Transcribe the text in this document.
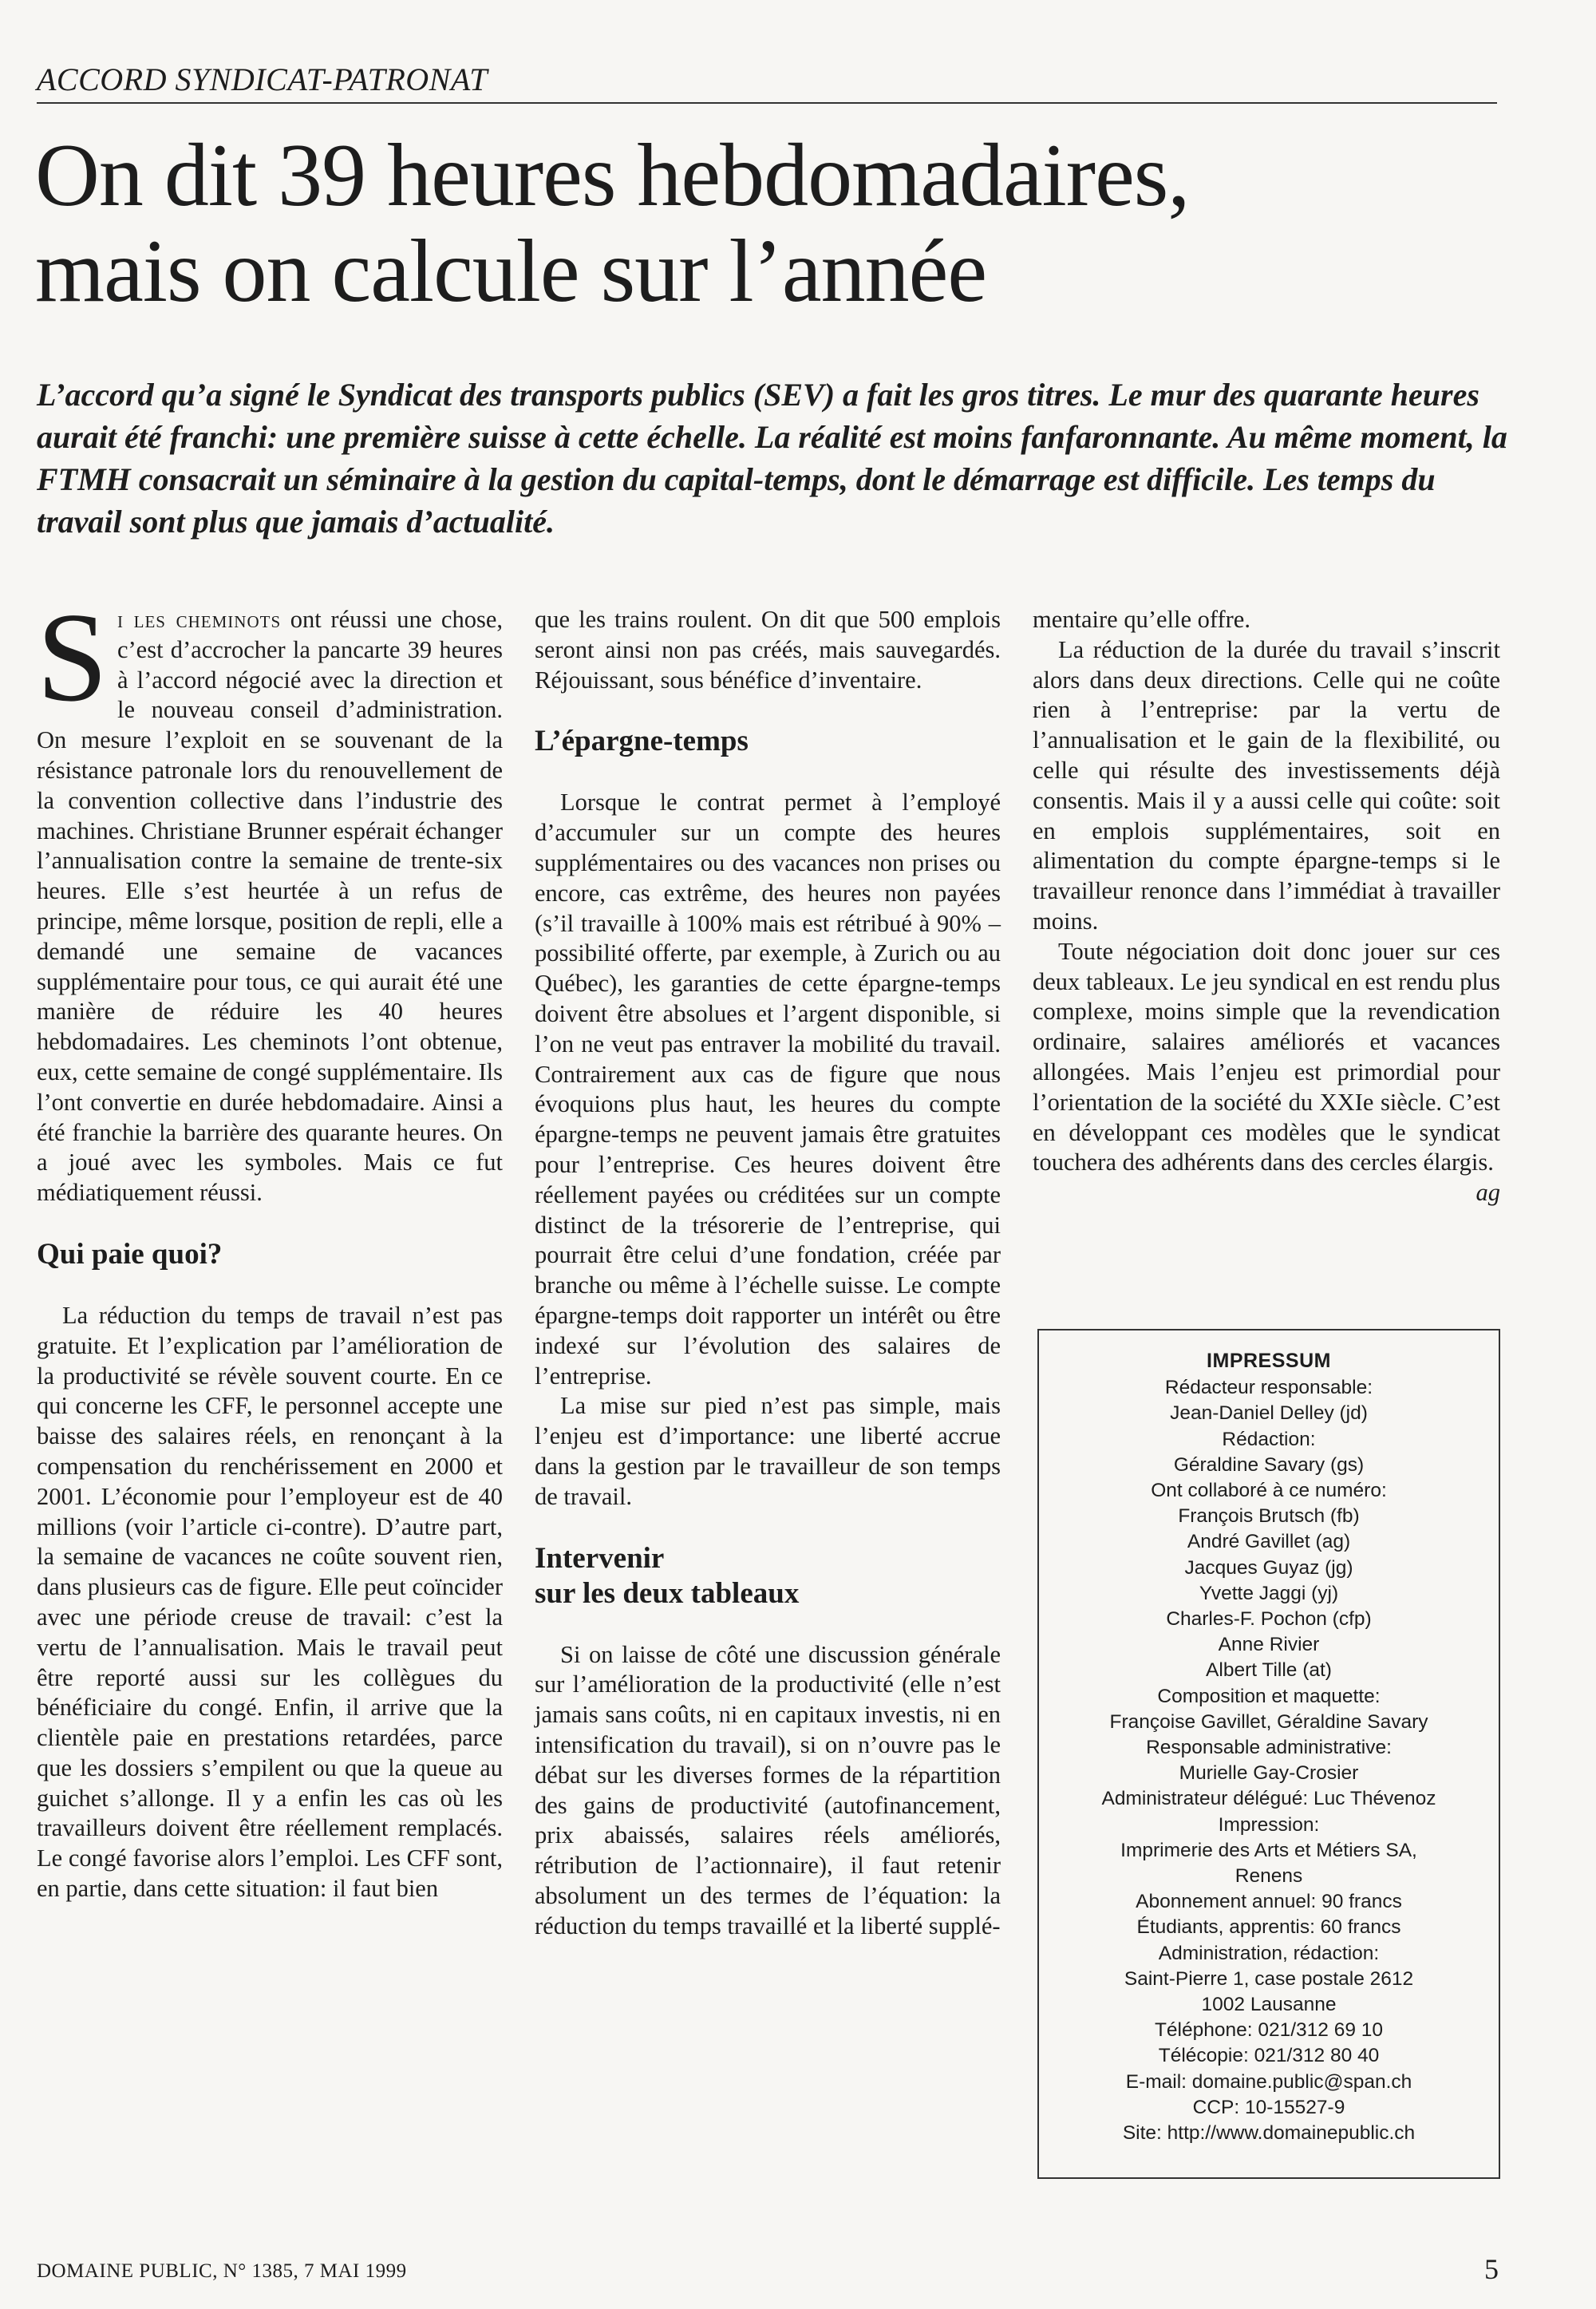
ACCORD SYNDICAT-PATRONAT
On dit 39 heures hebdomadaires,
mais on calcule sur l’année

L’accord qu’a signé le Syndicat des transports publics (SEV) a fait les gros titres. Le mur des quarante heures aurait été franchi: une première suisse à cette échelle. La réalité est moins fanfaronnante. Au même moment, la FTMH consacrait un séminaire à la gestion du capital-temps, dont le démarrage est difficile. Les temps du travail sont plus que jamais d’actualité.

Si les cheminots ont réussi une chose, c’est d’accrocher la pancarte 39 heures à l’accord négocié avec la direction et le nouveau conseil d’administration. On mesure l’exploit en se souvenant de la résistance patronale lors du renouvellement de la convention collective dans l’industrie des machines. Christiane Brunner espérait échanger l’annualisation contre la semaine de trente-six heures. Elle s’est heurtée à un refus de principe, même lorsque, position de repli, elle a demandé une semaine de vacances supplémentaire pour tous, ce qui aurait été une manière de réduire les 40 heures hebdomadaires. Les cheminots l’ont obtenue, eux, cette semaine de congé supplémentaire. Ils l’ont convertie en durée hebdomadaire. Ainsi a été franchie la barrière des quarante heures. On a joué avec les symboles. Mais ce fut médiatiquement réussi.

Qui paie quoi?

La réduction du temps de travail n’est pas gratuite. Et l’explication par l’amélioration de la productivité se révèle souvent courte. En ce qui concerne les CFF, le personnel accepte une baisse des salaires réels, en renonçant à la compensation du renchérissement en 2000 et 2001. L’économie pour l’employeur est de 40 millions (voir l’article ci-contre). D’autre part, la semaine de vacances ne coûte souvent rien, dans plusieurs cas de figure. Elle peut coïncider avec une période creuse de travail: c’est la vertu de l’annualisation. Mais le travail peut être reporté aussi sur les collègues du bénéficiaire du congé. Enfin, il arrive que la clientèle paie en prestations retardées, parce que les dossiers s’empilent ou que la queue au guichet s’allonge. Il y a enfin les cas où les travailleurs doivent être réellement remplacés. Le congé favorise alors l’emploi. Les CFF sont, en partie, dans cette situation: il faut bien

que les trains roulent. On dit que 500 emplois seront ainsi non pas créés, mais sauvegardés. Réjouissant, sous bénéfice d’inventaire.

L’épargne-temps

Lorsque le contrat permet à l’employé d’accumuler sur un compte des heures supplémentaires ou des vacances non prises ou encore, cas extrême, des heures non payées (s’il travaille à 100% mais est rétribué à 90% – possibilité offerte, par exemple, à Zurich ou au Québec), les garanties de cette épargne-temps doivent être absolues et l’argent disponible, si l’on ne veut pas entraver la mobilité du travail. Contrairement aux cas de figure que nous évoquions plus haut, les heures du compte épargne-temps ne peuvent jamais être gratuites pour l’entreprise. Ces heures doivent être réellement payées ou créditées sur un compte distinct de la trésorerie de l’entreprise, qui pourrait être celui d’une fondation, créée par branche ou même à l’échelle suisse. Le compte épargne-temps doit rapporter un intérêt ou être indexé sur l’évolution des salaires de l’entreprise.

La mise sur pied n’est pas simple, mais l’enjeu est d’importance: une liberté accrue dans la gestion par le travailleur de son temps de travail.

Intervenir
sur les deux tableaux

Si on laisse de côté une discussion générale sur l’amélioration de la productivité (elle n’est jamais sans coûts, ni en capitaux investis, ni en intensification du travail), si on n’ouvre pas le débat sur les diverses formes de la répartition des gains de productivité (autofinancement, prix abaissés, salaires réels améliorés, rétribution de l’actionnaire), il faut retenir absolument un des termes de l’équation: la réduction du temps travaillé et la liberté supplé-

mentaire qu’elle offre.

La réduction de la durée du travail s’inscrit alors dans deux directions. Celle qui ne coûte rien à l’entreprise: par la vertu de l’annualisation et le gain de la flexibilité, ou celle qui résulte des investissements déjà consentis. Mais il y a aussi celle qui coûte: soit en emplois supplémentaires, soit en alimentation du compte épargne-temps si le travailleur renonce dans l’immédiat à travailler moins.

Toute négociation doit donc jouer sur ces deux tableaux. Le jeu syndical en est rendu plus complexe, moins simple que la revendication ordinaire, salaires améliorés et vacances allongées. Mais l’enjeu est primordial pour l’orientation de la société du XXIe siècle. C’est en développant ces modèles que le syndicat touchera des adhérents dans des cercles élargis.
ag

IMPRESSUM
Rédacteur responsable:
Jean-Daniel Delley (jd)
Rédaction:
Géraldine Savary (gs)
Ont collaboré à ce numéro:
François Brutsch (fb)
André Gavillet (ag)
Jacques Guyaz (jg)
Yvette Jaggi (yj)
Charles-F. Pochon (cfp)
Anne Rivier
Albert Tille (at)
Composition et maquette:
Françoise Gavillet, Géraldine Savary
Responsable administrative:
Murielle Gay-Crosier
Administrateur délégué: Luc Thévenoz
Impression:
Imprimerie des Arts et Métiers SA,
Renens
Abonnement annuel: 90 francs
Étudiants, apprentis: 60 francs
Administration, rédaction:
Saint-Pierre 1, case postale 2612
1002 Lausanne
Téléphone: 021/312 69 10
Télécopie: 021/312 80 40
E-mail: domaine.public@span.ch
CCP: 10-15527-9
Site: http://www.domainepublic.ch
DOMAINE PUBLIC, N° 1385, 7 MAI 1999	5
